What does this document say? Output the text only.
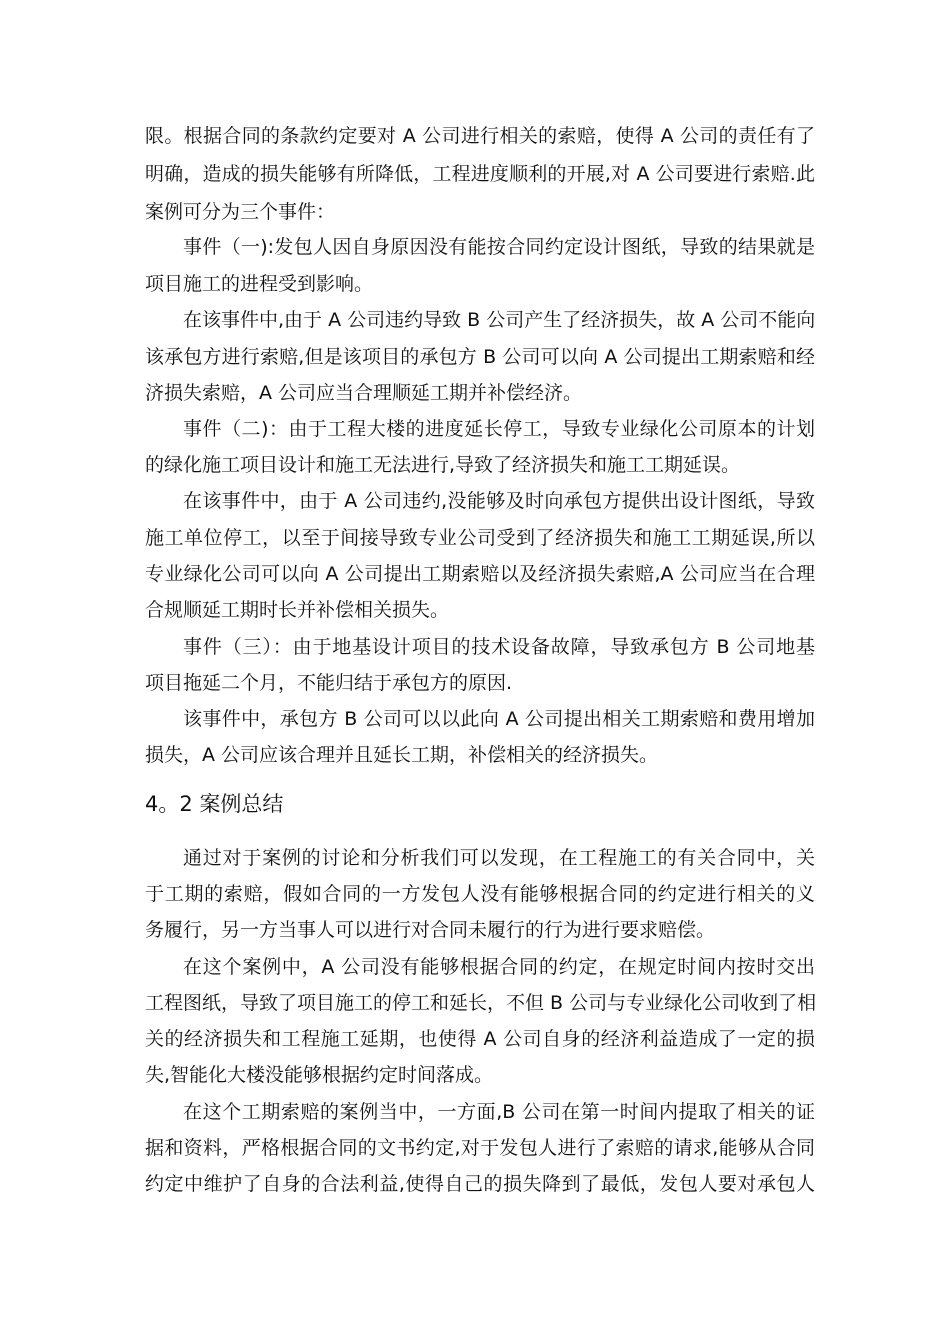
限。根据合同的条款约定要对 A 公司进行相关的索赔，使得 A 公司的责任有了
明确，造成的损失能够有所降低，工程进度顺利的开展,对 A 公司要进行索赔.此
案例可分为三个事件：
事件（一):发包人因自身原因没有能按合同约定设计图纸，导致的结果就是
项目施工的进程受到影响。
在该事件中,由于 A 公司违约导致 B 公司产生了经济损失，故 A 公司不能向
该承包方进行索赔,但是该项目的承包方 B 公司可以向 A 公司提出工期索赔和经
济损失索赔，A 公司应当合理顺延工期并补偿经济。
事件（二)：由于工程大楼的进度延长停工，导致专业绿化公司原本的计划
的绿化施工项目设计和施工无法进行,导致了经济损失和施工工期延误。
在该事件中，由于 A 公司违约,没能够及时向承包方提供出设计图纸，导致
施工单位停工，以至于间接导致专业公司受到了经济损失和施工工期延误,所以
专业绿化公司可以向 A 公司提出工期索赔以及经济损失索赔,A 公司应当在合理
合规顺延工期时长并补偿相关损失。
事件（三）：由于地基设计项目的技术设备故障，导致承包方 B 公司地基
项目拖延二个月，不能归结于承包方的原因.
该事件中，承包方 B 公司可以以此向 A 公司提出相关工期索赔和费用增加
损失，A 公司应该合理并且延长工期，补偿相关的经济损失。
4。2 案例总结
通过对于案例的讨论和分析我们可以发现，在工程施工的有关合同中，关
于工期的索赔，假如合同的一方发包人没有能够根据合同的约定进行相关的义
务履行，另一方当事人可以进行对合同未履行的行为进行要求赔偿。
在这个案例中，A 公司没有能够根据合同的约定，在规定时间内按时交出
工程图纸，导致了项目施工的停工和延长，不但 B 公司与专业绿化公司收到了相
关的经济损失和工程施工延期，也使得 A 公司自身的经济利益造成了一定的损
失,智能化大楼没能够根据约定时间落成。
在这个工期索赔的案例当中，一方面,B 公司在第一时间内提取了相关的证
据和资料，严格根据合同的文书约定,对于发包人进行了索赔的请求,能够从合同
约定中维护了自身的合法利益,使得自己的损失降到了最低，发包人要对承包人
